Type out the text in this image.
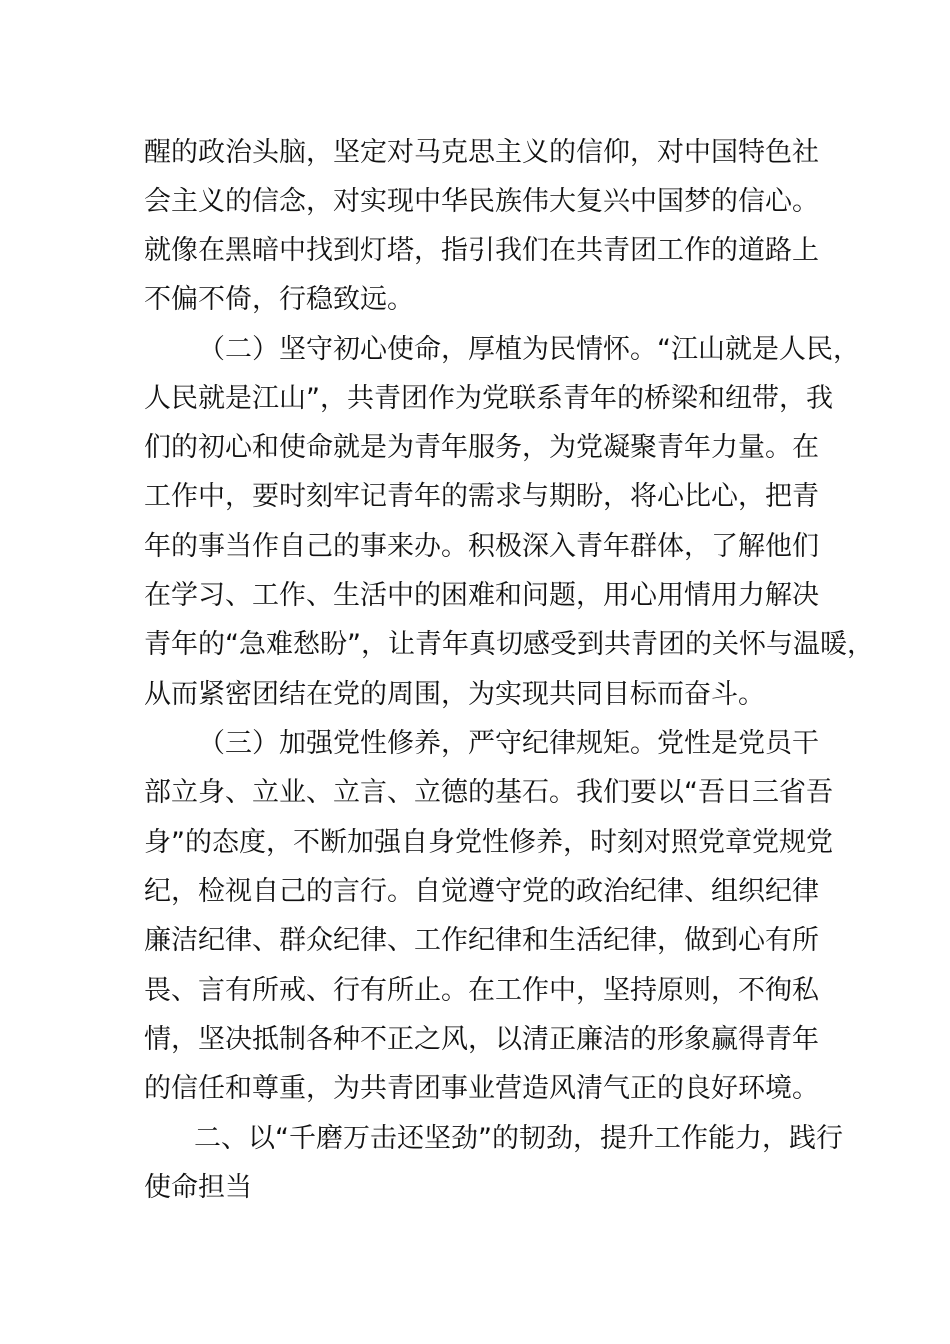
醒的政治头脑，坚定对马克思主义的信仰，对中国特色社
会主义的信念，对实现中华民族伟大复兴中国梦的信心。
就像在黑暗中找到灯塔，指引我们在共青团工作的道路上
不偏不倚，行稳致远。
（二）坚守初心使命，厚植为民情怀。“江山就是人民，
人民就是江山”，共青团作为党联系青年的桥梁和纽带，我
们的初心和使命就是为青年服务，为党凝聚青年力量。在
工作中，要时刻牢记青年的需求与期盼，将心比心，把青
年的事当作自己的事来办。积极深入青年群体，了解他们
在学习、工作、生活中的困难和问题，用心用情用力解决
青年的“急难愁盼”，让青年真切感受到共青团的关怀与温暖，
从而紧密团结在党的周围，为实现共同目标而奋斗。
（三）加强党性修养，严守纪律规矩。党性是党员干
部立身、立业、立言、立德的基石。我们要以“吾日三省吾
身”的态度，不断加强自身党性修养，时刻对照党章党规党
纪，检视自己的言行。自觉遵守党的政治纪律、组织纪律
廉洁纪律、群众纪律、工作纪律和生活纪律，做到心有所
畏、言有所戒、行有所止。在工作中，坚持原则，不徇私
情，坚决抵制各种不正之风，以清正廉洁的形象赢得青年
的信任和尊重，为共青团事业营造风清气正的良好环境。
二、以“千磨万击还坚劲”的韧劲，提升工作能力，践行
使命担当
